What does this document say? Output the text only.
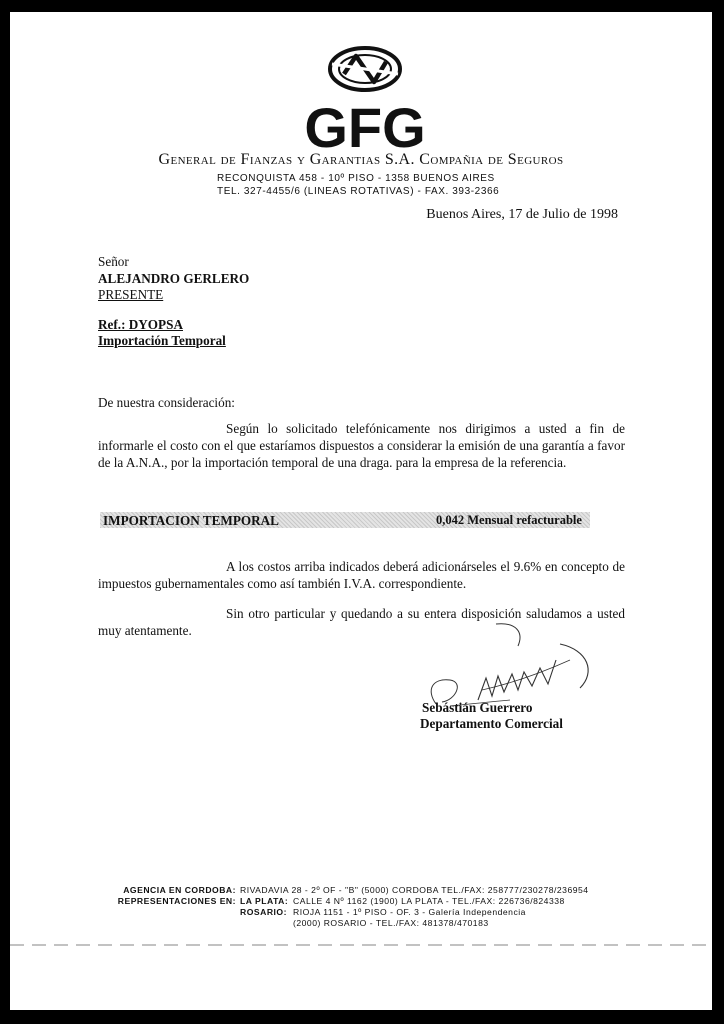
GFG
General de Fianzas y Garantias S.A. Compañia de Seguros
RECONQUISTA 458 - 10º PISO - 1358 BUENOS AIRES
TEL. 327-4455/6 (LINEAS ROTATIVAS) - FAX. 393-2366
Buenos Aires, 17 de Julio de 1998
Señor
ALEJANDRO GERLERO
PRESENTE
Ref.: DYOPSA
Importación Temporal
De nuestra consideración:
Según lo solicitado telefónicamente nos dirigimos a usted a fin de
informarle el costo con el que estaríamos dispuestos a considerar la emisión de una garantía a favor
de la A.N.A., por la importación temporal de una draga. para la empresa de la referencia.
IMPORTACION TEMPORAL	0,042 Mensual refacturable
A los costos arriba indicados deberá adicionárseles el 9.6% en concepto de
impuestos gubernamentales como así también I.V.A. correspondiente.
Sin otro particular y quedando a su entera disposición saludamos a usted
muy atentamente.
Sebástián Guerrero
Departamento Comercial
AGENCIA EN CORDOBA: RIVADAVIA 28 - 2º OF - "B" (5000) CORDOBA TEL./FAX: 258777/230278/236954
REPRESENTACIONES EN: LA PLATA: CALLE 4 Nº 1162 (1900) LA PLATA - TEL./FAX: 226736/824338
ROSARIO: RIOJA 1151 - 1º PISO - OF. 3 - Galería Independencia
(2000) ROSARIO - TEL./FAX: 481378/470183
